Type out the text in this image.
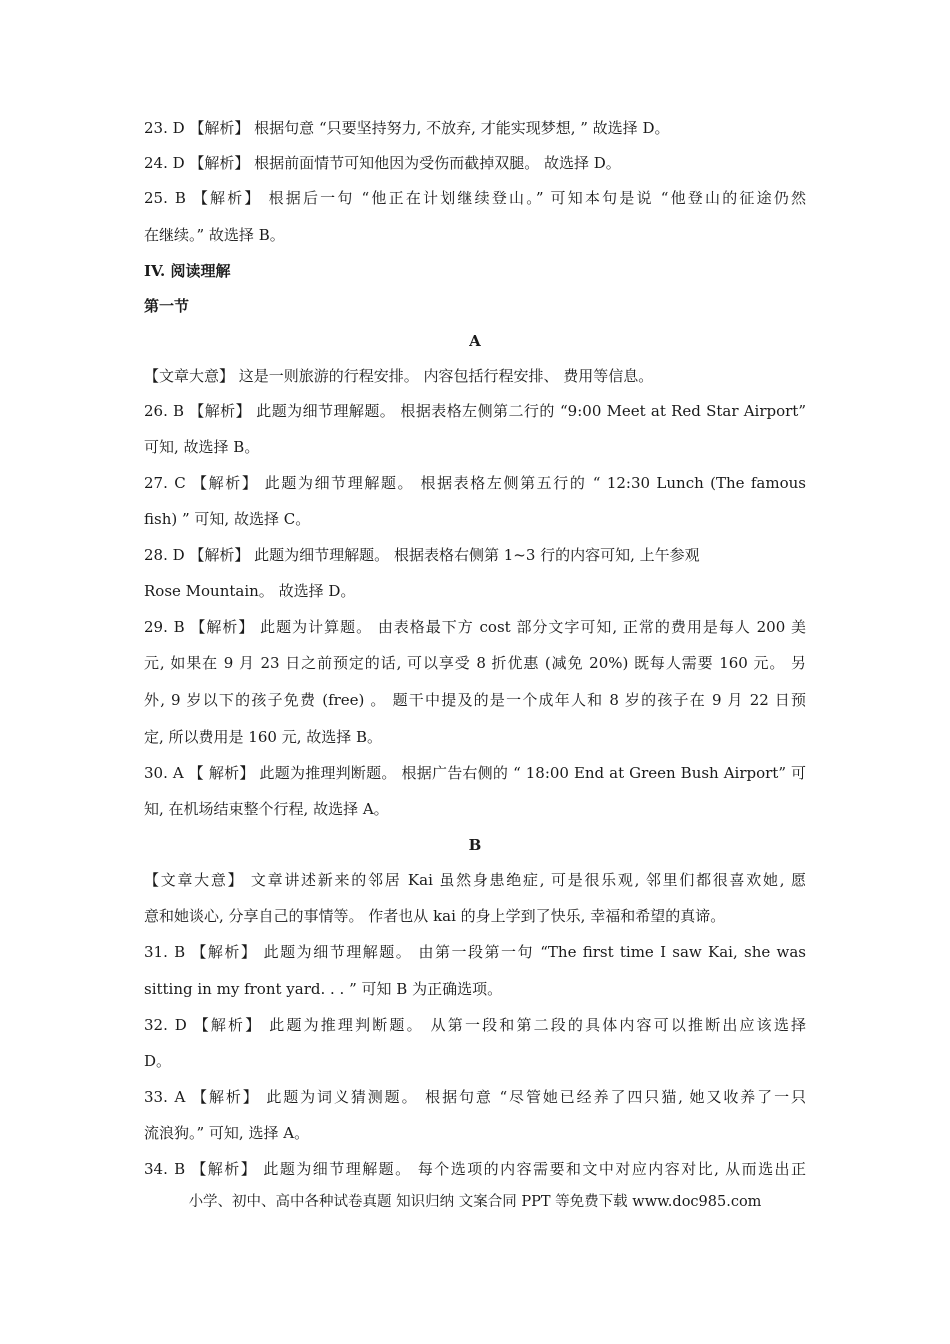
23. D 【解析】 根据句意 “只要坚持努力, 不放弃, 才能实现梦想, ” 故选择 D。
24. D 【解析】 根据前面情节可知他因为受伤而截掉双腿。 故选择 D。
25. B 【解析】 根据后一句 “他正在计划继续登山。” 可知本句是说 “他登山的征途仍然
在继续。” 故选择 B。
IV. 阅读理解
第一节
A
【文章大意】 这是一则旅游的行程安排。 内容包括行程安排、 费用等信息。
26. B 【解析】 此题为细节理解题。 根据表格左侧第二行的 “9:00 Meet at Red Star Airport”
可知, 故选择 B。
27. C 【解析】 此题为细节理解题。 根据表格左侧第五行的 “ 12:30 Lunch (The famous
fish) ” 可知, 故选择 C。
28. D 【解析】 此题为细节理解题。 根据表格右侧第 1~3 行的内容可知, 上午参观
Rose Mountain。 故选择 D。
29. B 【解析】 此题为计算题。 由表格最下方 cost 部分文字可知, 正常的费用是每人 200 美
元, 如果在 9 月 23 日之前预定的话, 可以享受 8 折优惠 (减免 20%) 既每人需要 160 元。 另
外, 9 岁以下的孩子免费 (free) 。 题干中提及的是一个成年人和 8 岁的孩子在 9 月 22 日预
定, 所以费用是 160 元, 故选择 B。
30. A 【 解析】 此题为推理判断题。 根据广告右侧的 “ 18:00 End at Green Bush Airport” 可
知, 在机场结束整个行程, 故选择 A。
B
【文章大意】 文章讲述新来的邻居 Kai 虽然身患绝症, 可是很乐观, 邻里们都很喜欢她, 愿
意和她谈心, 分享自己的事情等。 作者也从 kai 的身上学到了快乐, 幸福和希望的真谛。
31. B 【解析】 此题为细节理解题。 由第一段第一句 “The first time I saw Kai, she was
sitting in my front yard. . . ” 可知 B 为正确选项。
32. D 【解析】 此题为推理判断题。 从第一段和第二段的具体内容可以推断出应该选择
D。
33. A 【解析】 此题为词义猜测题。 根据句意 “尽管她已经养了四只猫, 她又收养了一只
流浪狗。” 可知, 选择 A。
34. B 【解析】 此题为细节理解题。 每个选项的内容需要和文中对应内容对比, 从而选出正
小学、初中、高中各种试卷真题 知识归纳 文案合同 PPT 等免费下载 www.doc985.com
